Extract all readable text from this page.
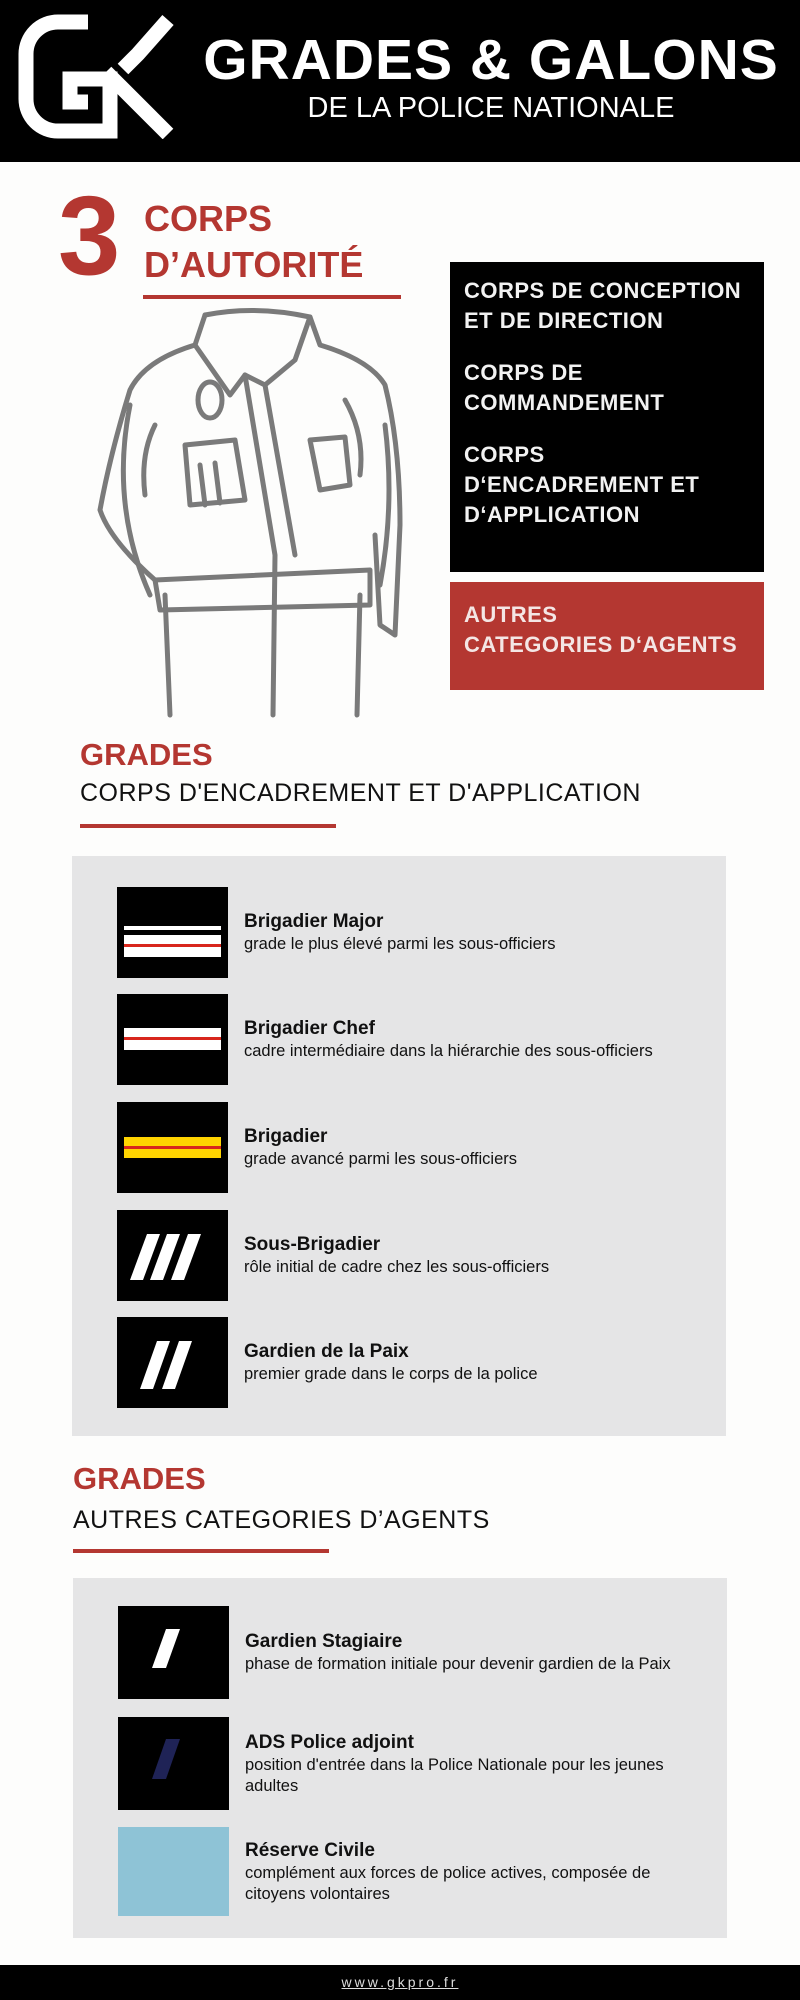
GRADES & GALONS
DE LA POLICE NATIONALE
3 CORPS
D’AUTORITÉ
CORPS DE CONCEPTION ET DE DIRECTION
CORPS DE COMMANDEMENT
CORPS D‘ENCADREMENT ET D‘APPLICATION
AUTRES
CATEGORIES D‘AGENTS
GRADES
CORPS D'ENCADREMENT ET D'APPLICATION
Brigadier Major
grade le plus élevé parmi les sous-officiers
Brigadier Chef
cadre intermédiaire dans la hiérarchie des sous-officiers
Brigadier
grade avancé parmi les sous-officiers
Sous-Brigadier
rôle initial de cadre chez les sous-officiers
Gardien de la Paix
premier grade dans le corps de la police
GRADES
AUTRES CATEGORIES D’AGENTS
Gardien Stagiaire
phase de formation initiale pour devenir gardien de la Paix
ADS Police adjoint
position d'entrée dans la Police Nationale pour les jeunes adultes
Réserve Civile
complément aux forces de police actives, composée de citoyens volontaires
www.gkpro.fr
